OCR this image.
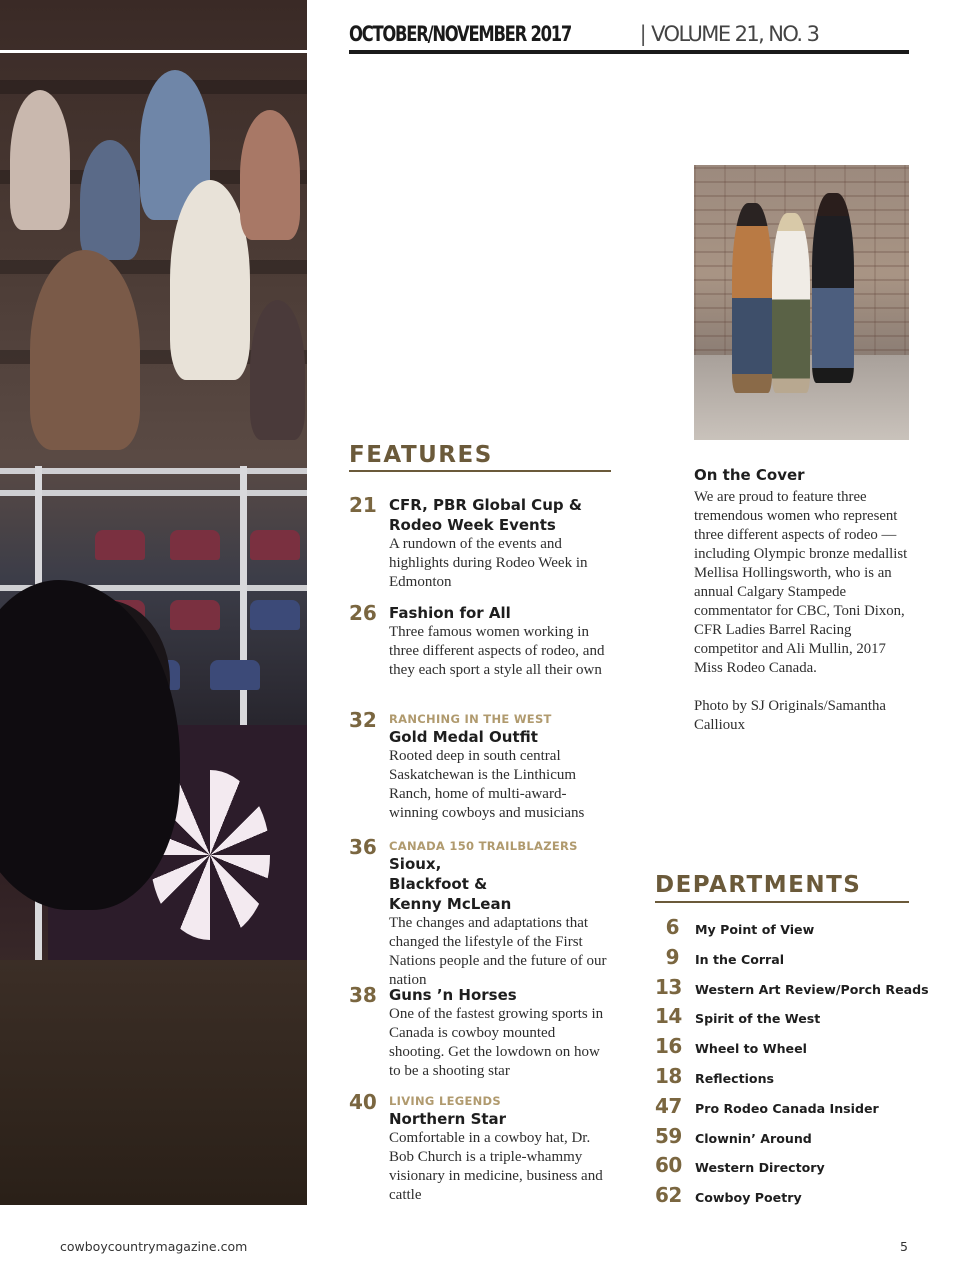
OCTOBER/NOVEMBER 2017	| VOLUME 21, NO. 3
FEATURES
21 CFR, PBR Global Cup & Rodeo Week Events
A rundown of the events and highlights during Rodeo Week in Edmonton
26 Fashion for All
Three famous women working in three different aspects of rodeo, and they each sport a style all their own
32 RANCHING IN THE WEST
Gold Medal Outfit
Rooted deep in south central Saskatchewan is the Linthicum Ranch, home of multi-award-winning cowboys and musicians
36 CANADA 150 TRAILBLAZERS
Sioux, Blackfoot & Kenny McLean
The changes and adaptations that changed the lifestyle of the First Nations people and the future of our nation
38 Guns ’n Horses
One of the fastest growing sports in Canada is cowboy mounted shooting. Get the lowdown on how to be a shooting star
40 LIVING LEGENDS
Northern Star
Comfortable in a cowboy hat, Dr. Bob Church is a triple-whammy visionary in medicine, business and cattle
On the Cover
We are proud to feature three tremendous women who represent three different aspects of rodeo — including Olympic bronze medallist Mellisa Hollingsworth, who is an annual Calgary Stampede commentator for CBC, Toni Dixon, CFR Ladies Barrel Racing competitor and Ali Mullin, 2017 Miss Rodeo Canada.
Photo by SJ Originals/Samantha Callioux
DEPARTMENTS
6 My Point of View
9 In the Corral
13 Western Art Review/Porch Reads
14 Spirit of the West
16 Wheel to Wheel
18 Reflections
47 Pro Rodeo Canada Insider
59 Clownin’ Around
60 Western Directory
62 Cowboy Poetry
cowboycountrymagazine.com	5
